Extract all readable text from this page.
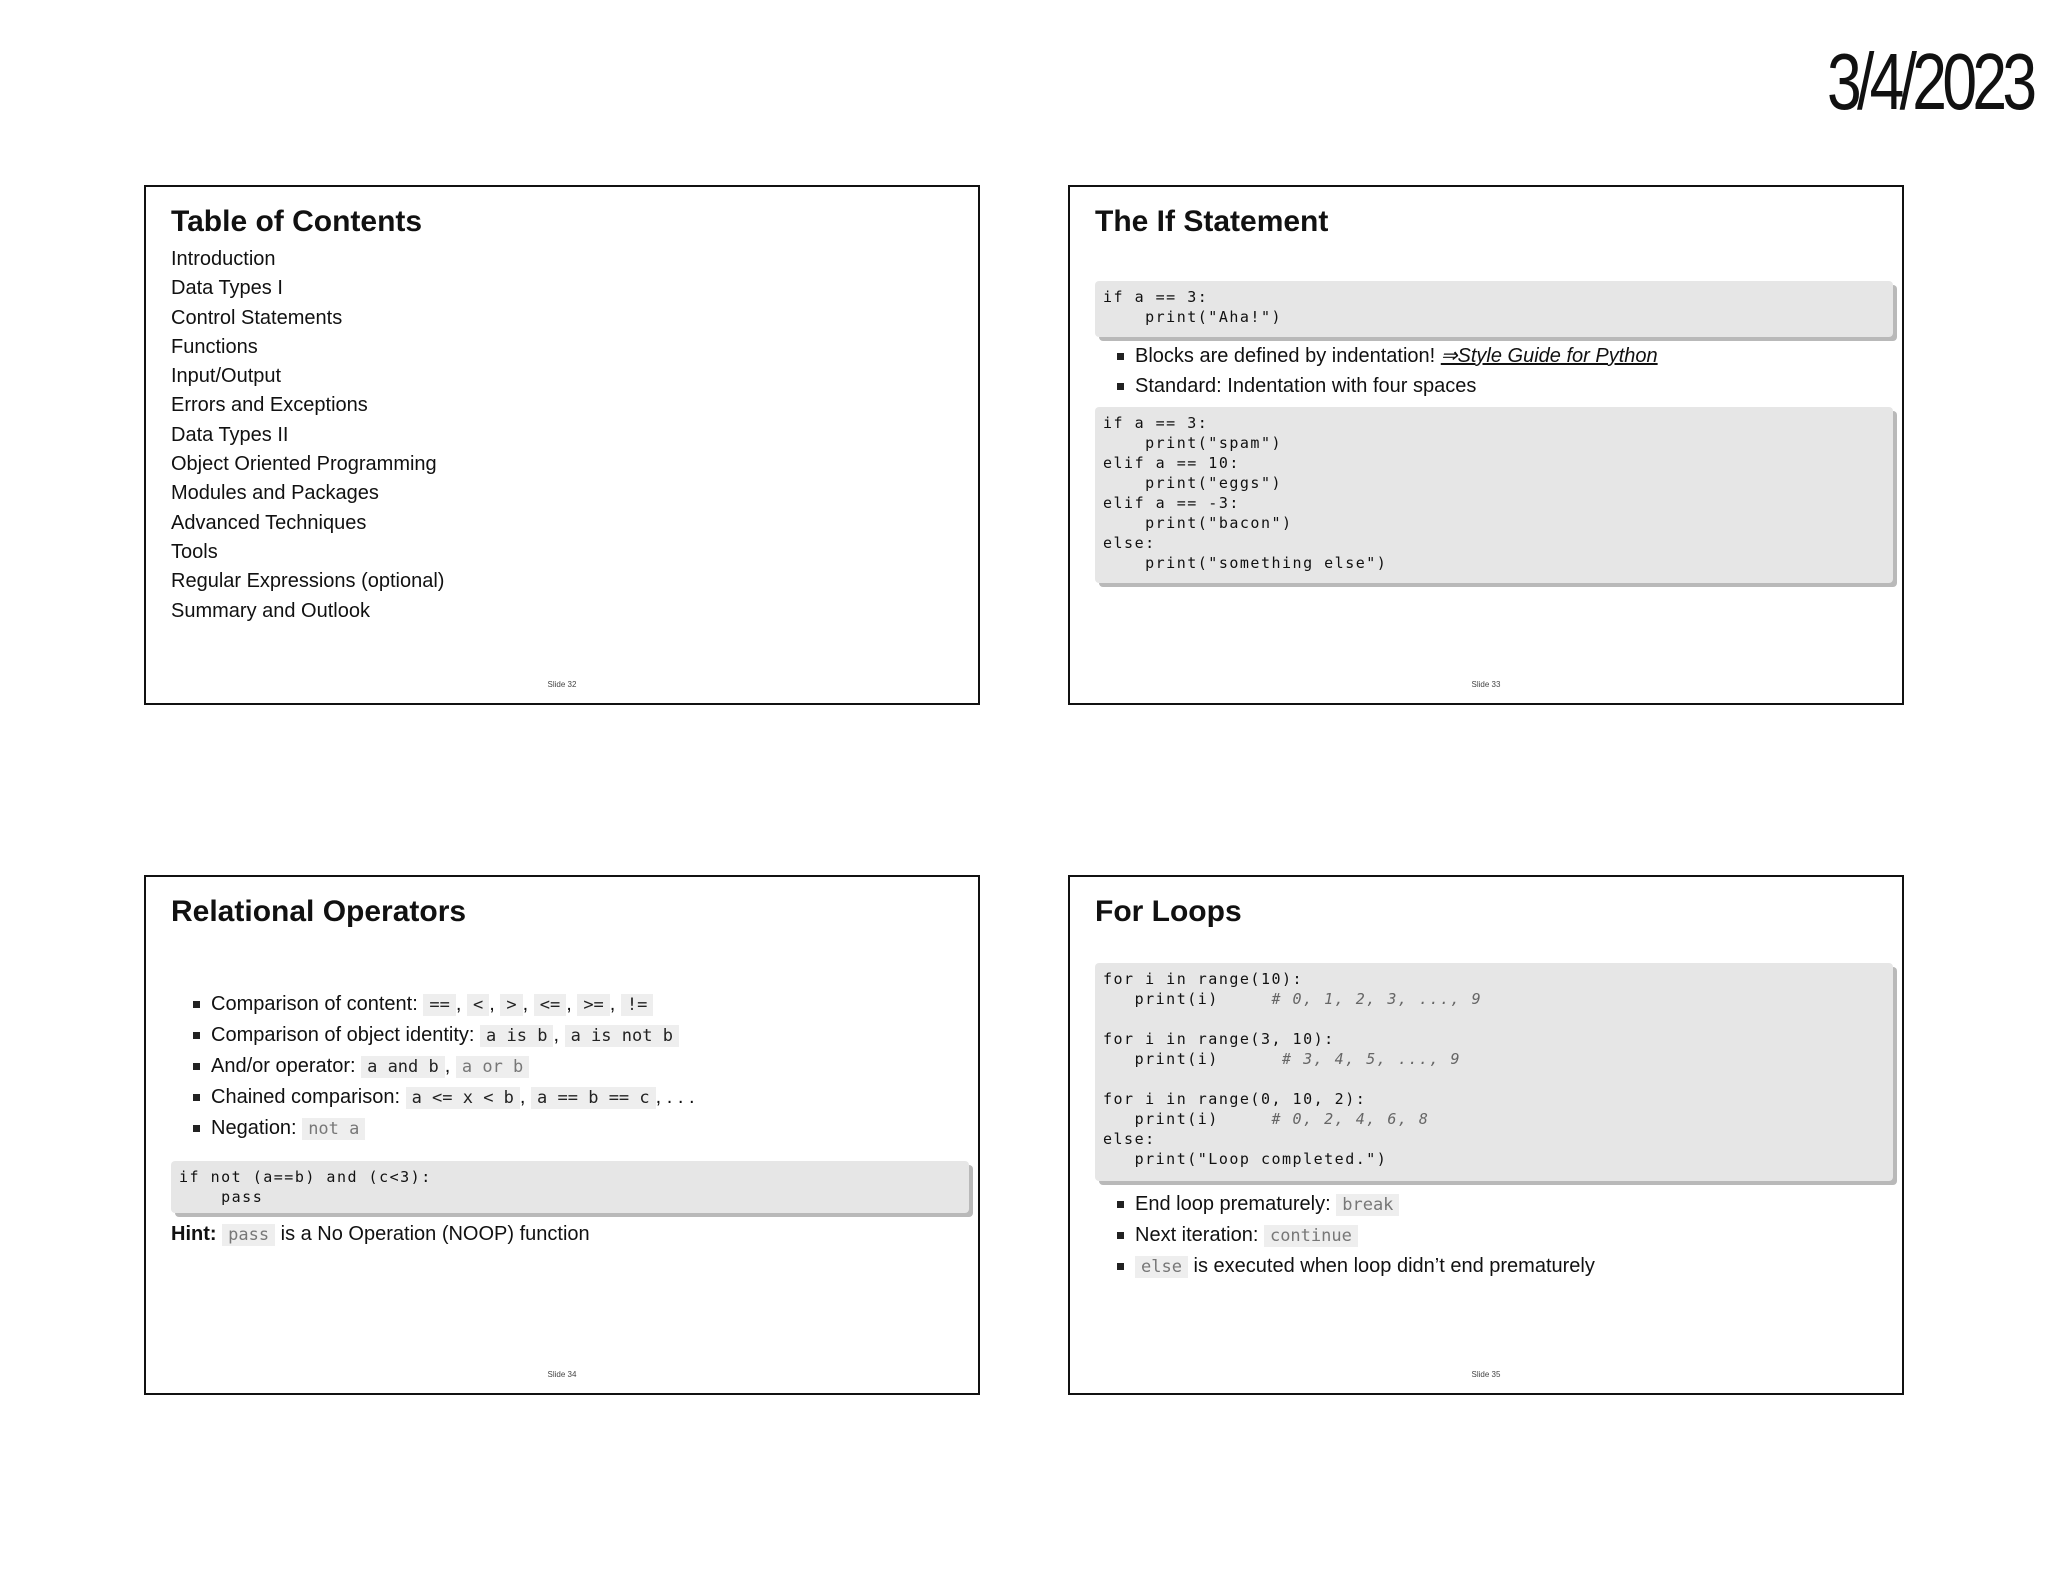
3/4/2023
Table of Contents
Introduction
Data Types I
Control Statements
Functions
Input/Output
Errors and Exceptions
Data Types II
Object Oriented Programming
Modules and Packages
Advanced Techniques
Tools
Regular Expressions (optional)
Summary and Outlook
Slide 32
The If Statement
if a == 3:
print("Aha!")
Blocks are defined by indentation! ⇒Style Guide for Python
Standard: Indentation with four spaces
if a == 3:
print("spam")
elif a == 10:
print("eggs")
elif a == -3:
print("bacon")
else:
print("something else")
Slide 33
Relational Operators
Comparison of content: == , < , > , <= , >= , !=
Comparison of object identity: a is b , a is not b
And/or operator: a and b , a or b
Chained comparison: a <= x < b , a == b == c , . . .
Negation: not a
if not (a==b) and (c<3):
pass
Hint: pass is a No Operation (NOOP) function
Slide 34
For Loops
for i in range(10):
print(i)     # 0, 1, 2, 3, ..., 9

for i in range(3, 10):
print(i)      # 3, 4, 5, ..., 9

for i in range(0, 10, 2):
print(i)     # 0, 2, 4, 6, 8
else:
print("Loop completed.")
End loop prematurely: break
Next iteration: continue
else is executed when loop didn’t end prematurely
Slide 35
